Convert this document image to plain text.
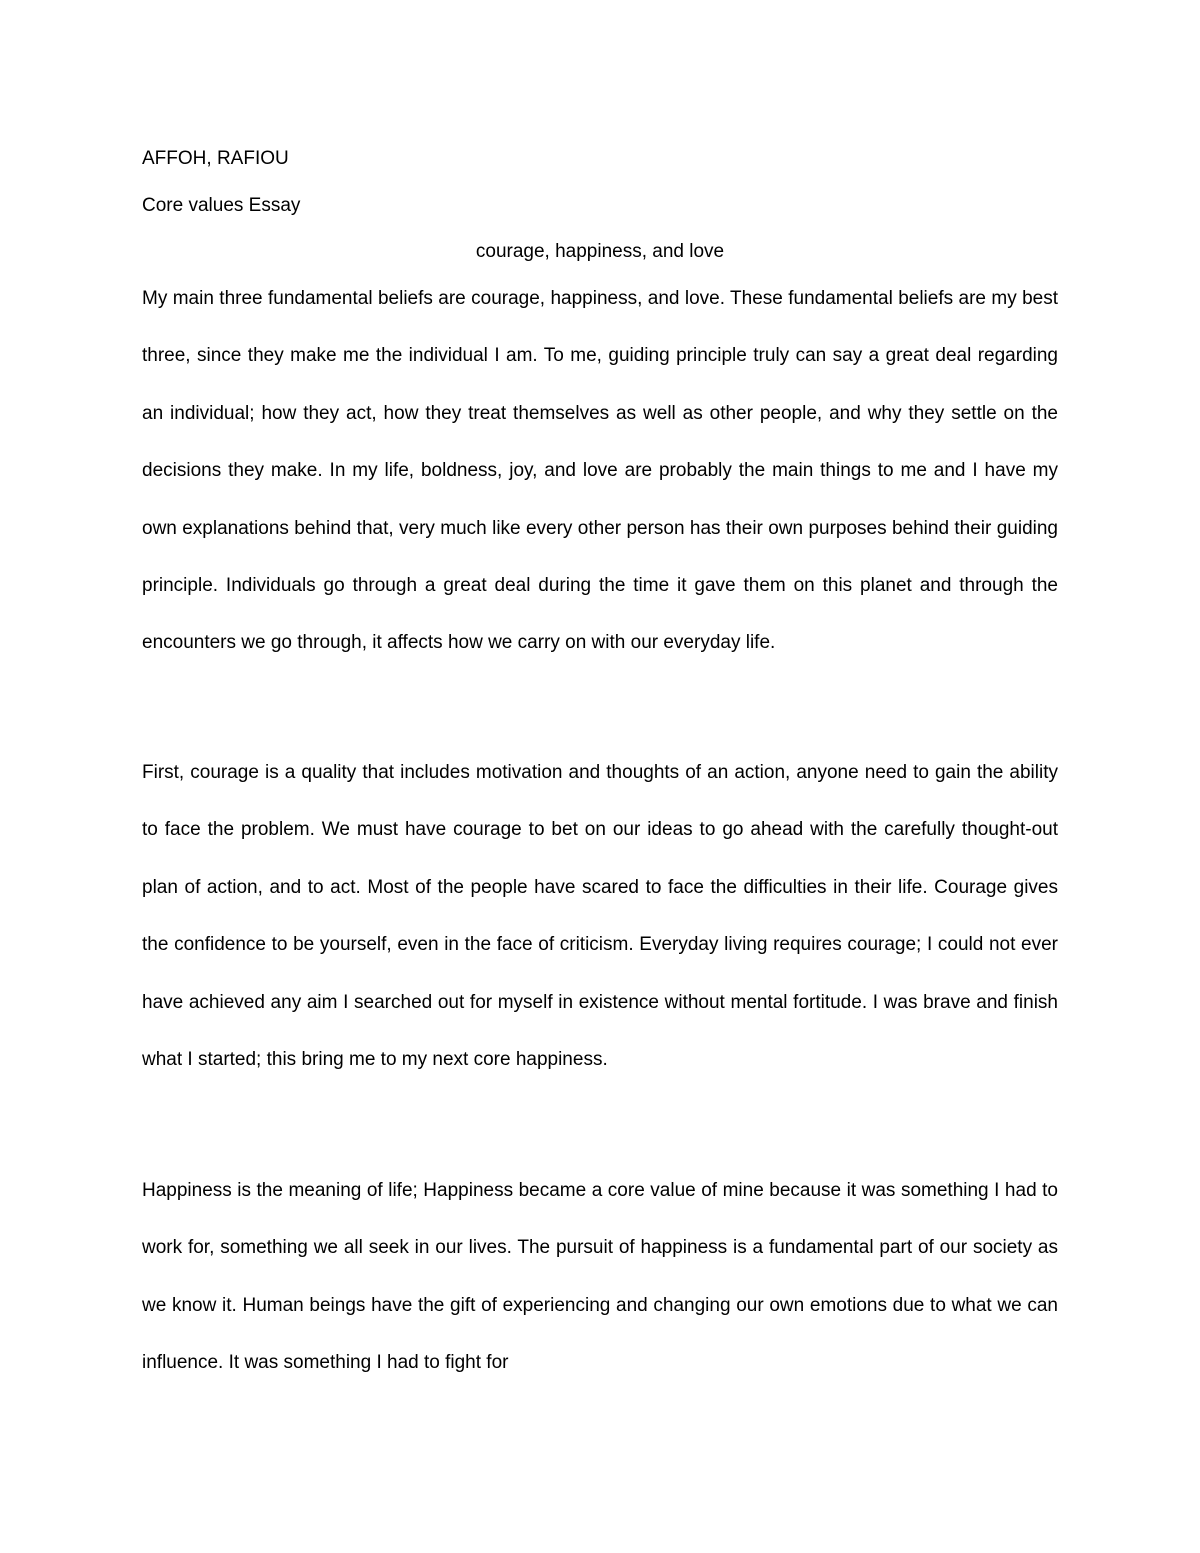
AFFOH, RAFIOU

Core values Essay

courage, happiness, and love

My main three fundamental beliefs are courage, happiness, and love. These fundamental beliefs are my best three, since they make me the individual I am. To me, guiding principle truly can say a great deal regarding an individual; how they act, how they treat themselves as well as other people, and why they settle on the decisions they make. In my life, boldness, joy, and love are probably the main things to me and I have my own explanations behind that, very much like every other person has their own purposes behind their guiding principle. Individuals go through a great deal during the time it gave them on this planet and through the encounters we go through, it affects how we carry on with our everyday life.

First, courage is a quality that includes motivation and thoughts of an action, anyone need to gain the ability to face the problem. We must have courage to bet on our ideas to go ahead with the carefully thought-out plan of action, and to act. Most of the people have scared to face the difficulties in their life. Courage gives the confidence to be yourself, even in the face of criticism. Everyday living requires courage; I could not ever have achieved any aim I searched out for myself in existence without mental fortitude. I was brave and finish what I started; this bring me to my next core happiness.

Happiness is the meaning of life; Happiness became a core value of mine because it was something I had to work for, something we all seek in our lives. The pursuit of happiness is a fundamental part of our society as we know it. Human beings have the gift of experiencing and changing our own emotions due to what we can influence. It was something I had to fight for
